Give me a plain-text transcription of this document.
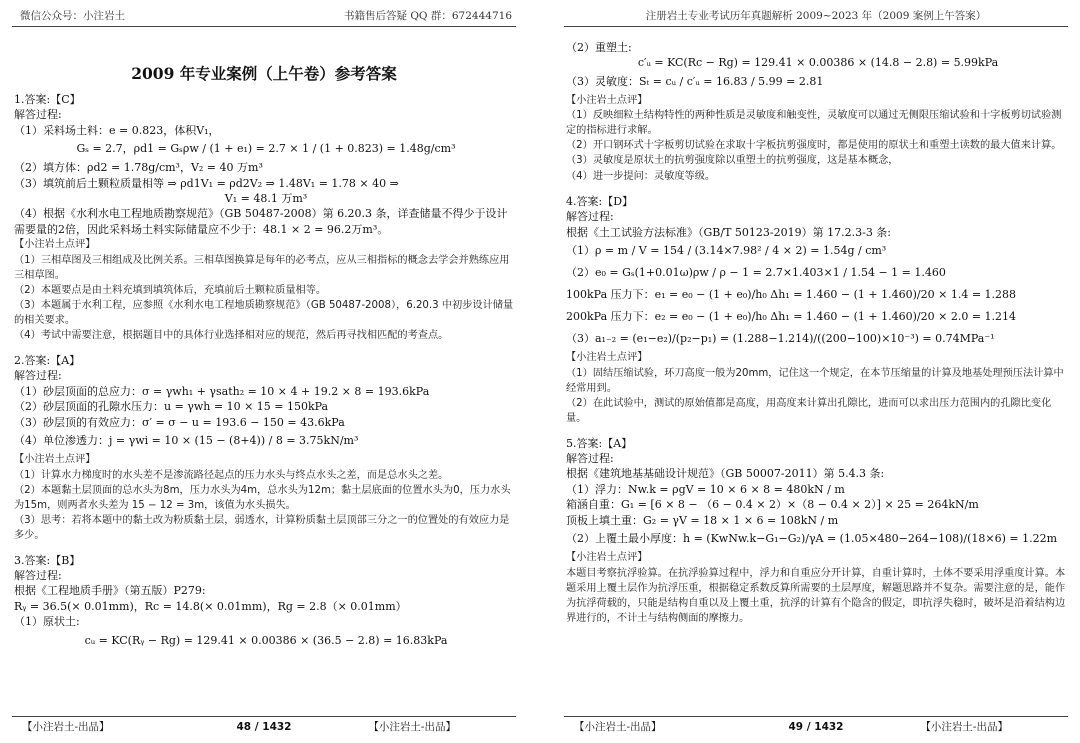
微信公众号：小注岩土	书籍售后答疑 QQ 群：672444716
2009 年专业案例（上午卷）参考答案
1.答案:【C】
解答过程:
（1）采料场土料：e = 0.823，体积V₁，
Gₛ = 2.7，ρd1 = Gₛρw / (1 + e₁) = 2.7 × 1 / (1 + 0.823) = 1.48g/cm³
（2）填方体：ρd2 = 1.78g/cm³，V₂ = 40 万m³
（3）填筑前后土颗粒质量相等 ⇒ ρd1V₁ = ρd2V₂ ⇒ 1.48V₁ = 1.78 × 40 ⇒
V₁ = 48.1 万m³
（4）根据《水利水电工程地质勘察规范》（GB 50487-2008）第 6.20.3 条，详查储量不得少于设计需要量的2倍，因此采料场土料实际储量应不少于：48.1 × 2 = 96.2万m³。
【小注岩土点评】
（1）三相草图及三相组成及比例关系。三相草图换算是每年的必考点，应从三相指标的概念去学会并熟练应用三相草图。
（2）本题要点是由土料充填到填筑体后，充填前后土颗粒质量相等。
（3）本题属于水利工程，应参照《水利水电工程地质勘察规范》（GB 50487-2008），6.20.3 中初步设计储量的相关要求。
（4）考试中需要注意，根据题目中的具体行业选择相对应的规范，然后再寻找相匹配的考查点。
2.答案:【A】
解答过程:
（1）砂层顶面的总应力：σ = γwh₁ + γsath₂ = 10 × 4 + 19.2 × 8 = 193.6kPa
（2）砂层顶面的孔隙水压力：u = γwh = 10 × 15 = 150kPa
（3）砂层顶的有效应力：σ′ = σ − u = 193.6 − 150 = 43.6kPa
（4）单位渗透力：j = γwi = 10 × (15 − (8+4)) / 8 = 3.75kN/m³
【小注岩土点评】
（1）计算水力梯度时的水头差不是渗流路径起点的压力水头与终点水头之差，而是总水头之差。
（2）本题黏土层顶面的总水头为8m，压力水头为4m，总水头为12m；黏土层底面的位置水头为0，压力水头为15m，则两者水头差为 15 − 12 = 3m，该值为水头损失。
（3）思考：若将本题中的黏土改为粉质黏土层，弱透水，计算粉质黏土层顶部三分之一的位置处的有效应力是多少。
3.答案:【B】
解答过程:
根据《工程地质手册》（第五版）P279:
Rᵧ = 36.5(× 0.01mm)，Rc = 14.8(× 0.01mm)，Rg = 2.8（× 0.01mm）
（1）原状土:
cᵤ = KC(Rᵧ − Rg) = 129.41 × 0.00386 × (36.5 − 2.8) = 16.83kPa
【小注岩土-出品】	48 / 1432	【小注岩土-出品】
注册岩土专业考试历年真题解析 2009~2023 年（2009 案例上午答案）
（2）重塑土:
c′ᵤ = KC(Rc − Rg) = 129.41 × 0.00386 × (14.8 − 2.8) = 5.99kPa
（3）灵敏度：Sₜ = cᵤ / c′ᵤ = 16.83 / 5.99 = 2.81
【小注岩土点评】
（1）反映细粒土结构特性的两种性质是灵敏度和触变性，灵敏度可以通过无侧限压缩试验和十字板剪切试验测定的指标进行求解。
（2）开口钢环式十字板剪切试验在求取十字板抗剪强度时，都是使用的原状土和重塑土读数的最大值来计算。
（3）灵敏度是原状土的抗剪强度除以重塑土的抗剪强度，这是基本概念，
（4）进一步提问：灵敏度等级。
4.答案:【D】
解答过程:
根据《土工试验方法标准》（GB/T 50123-2019）第 17.2.3-3 条:
（1）ρ = m / V = 154 / (3.14×7.98² / 4 × 2) = 1.54g / cm³
（2）e₀ = Gₛ(1+0.01ω)ρw / ρ − 1 = 2.7×1.403×1 / 1.54 − 1 = 1.460
100kPa 压力下：e₁ = e₀ − (1 + e₀)/h₀ Δh₁ = 1.460 − (1 + 1.460)/20 × 1.4 = 1.288
200kPa 压力下：e₂ = e₀ − (1 + e₀)/h₀ Δh₁ = 1.460 − (1 + 1.460)/20 × 2.0 = 1.214
（3）a₁₋₂ = (e₁−e₂)/(p₂−p₁) = (1.288−1.214)/((200−100)×10⁻³) = 0.74MPa⁻¹
【小注岩土点评】
（1）固结压缩试验，环刀高度一般为20mm，记住这一个规定，在本节压缩量的计算及地基处理预压法计算中经常用到。
（2）在此试验中，测试的原始值都是高度，用高度来计算出孔隙比，进而可以求出压力范围内的孔隙比变化量。
5.答案:【A】
解答过程:
根据《建筑地基基础设计规范》（GB 50007-2011）第 5.4.3 条:
（1）浮力：Nw.k = ρgV = 10 × 6 × 8 = 480kN / m
箱涵自重：G₁ = [6 × 8 − （6 − 0.4 × 2）×（8 − 0.4 × 2）] × 25 = 264kN/m
顶板上填土重：G₂ = γV = 18 × 1 × 6 = 108kN / m
（2）上覆土最小厚度：h = (KwNw.k−G₁−G₂)/γA = (1.05×480−264−108)/(18×6) = 1.22m
【小注岩土点评】
本题目考察抗浮验算。在抗浮验算过程中，浮力和自重应分开计算，自重计算时，土体不要采用浮重度计算。本题采用上覆土层作为抗浮压重，根据稳定系数反算所需要的土层厚度，解题思路并不复杂。需要注意的是，能作为抗浮荷载的，只能是结构自重以及上覆土重，抗浮的计算有个隐含的假定，即抗浮失稳时，破坏是沿着结构边界进行的，不计土与结构侧面的摩擦力。
【小注岩土-出品】	49 / 1432	【小注岩土-出品】
